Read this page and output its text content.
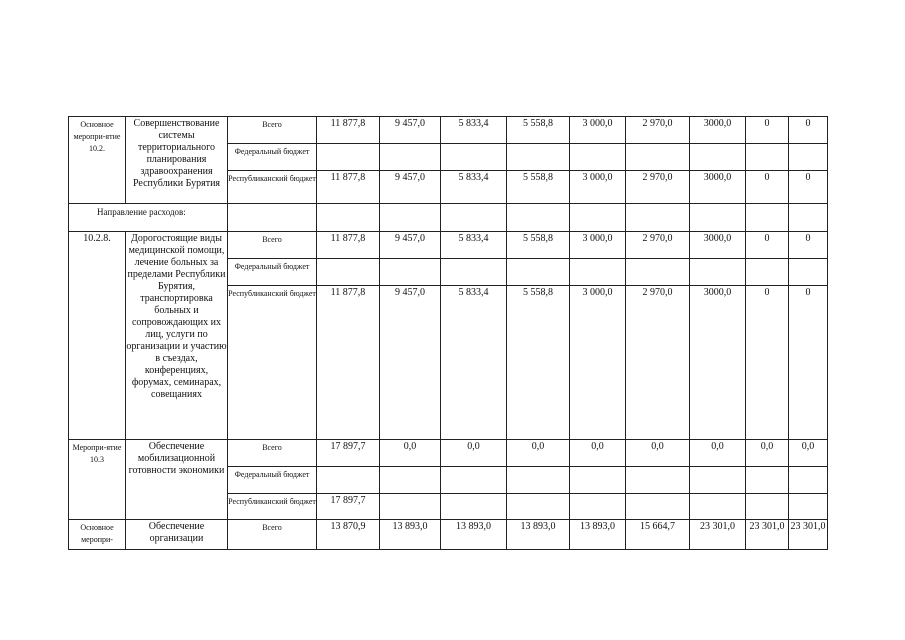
Основное меропри-ятие 10.2.	Совершенствование системы территориального планирования здравоохранения Республики Бурятия	Всего	11 877,8	9 457,0	5 833,4	5 558,8	3 000,0	2 970,0	3000,0	0	0
		Федеральный бюджет									
		Республиканский бюджет	11 877,8	9 457,0	5 833,4	5 558,8	3 000,0	2 970,0	3000,0	0	0
Направление расходов:											
10.2.8.	Дорогостоящие виды медицинской помощи, лечение больных за пределами Республики Бурятия, транспортировка больных и сопровождающих их лиц, услуги по организации и участию в съездах, конференциях, форумах, семинарах, совещаниях	Всего	11 877,8	9 457,0	5 833,4	5 558,8	3 000,0	2 970,0	3000,0	0	0
		Федеральный бюджет									
		Республиканский бюджет	11 877,8	9 457,0	5 833,4	5 558,8	3 000,0	2 970,0	3000,0	0	0
Меропри-ятие 10.3	Обеспечение мобилизационной готовности экономики	Всего	17 897,7	0,0	0,0	0,0	0,0	0,0	0,0	0,0	0,0
		Федеральный бюджет									
		Республиканский бюджет	17 897,7								
Основное меропри-	Обеспечение организации	Всего	13 870,9	13 893,0	13 893,0	13 893,0	13 893,0	15 664,7	23 301,0	23 301,0	23 301,0
